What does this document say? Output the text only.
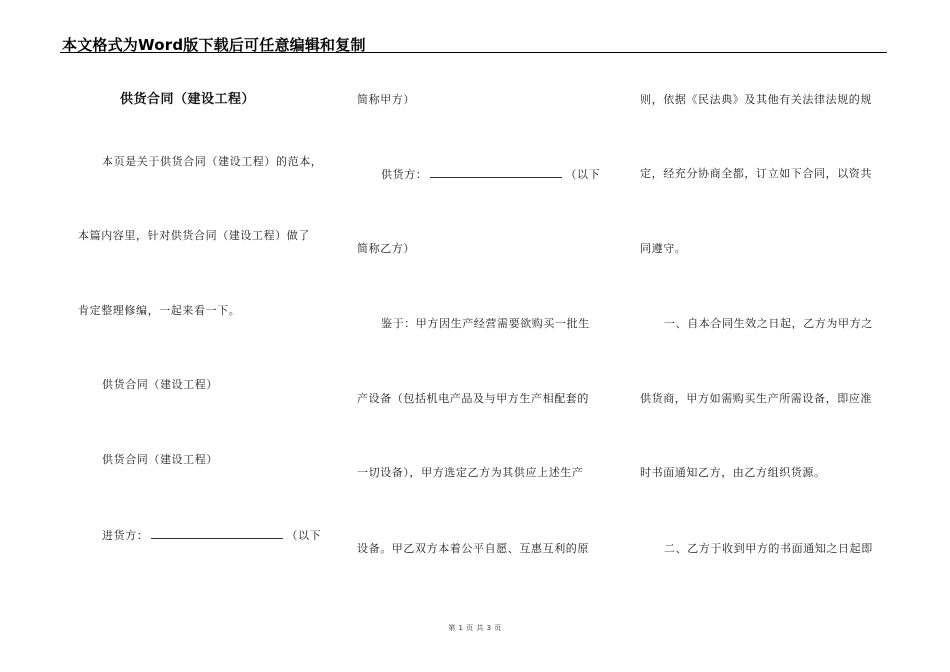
本文格式为Word版下载后可任意编辑和复制
供货合同（建设工程）
本页是关于供货合同（建设工程）的范本，
本篇内容里，针对供货合同（建设工程）做了
肯定整理修编，一起来看一下。
供货合同（建设工程）
供货合同（建设工程）
进货方：	（以下
简称甲方）
供货方：	（以下
简称乙方）
鉴于：甲方因生产经营需要欲购买一批生
产设备（包括机电产品及与甲方生产相配套的
一切设备），甲方选定乙方为其供应上述生产
设备。甲乙双方本着公平自愿、互惠互利的原
则，依据《民法典》及其他有关法律法规的规
定，经充分协商全都，订立如下合同，以资共
同遵守。
一、自本合同生效之日起，乙方为甲方之
供货商，甲方如需购买生产所需设备，即应准
时书面通知乙方，由乙方组织货源。
二、乙方于收到甲方的书面通知之日起即
第 1 页 共 3 页
